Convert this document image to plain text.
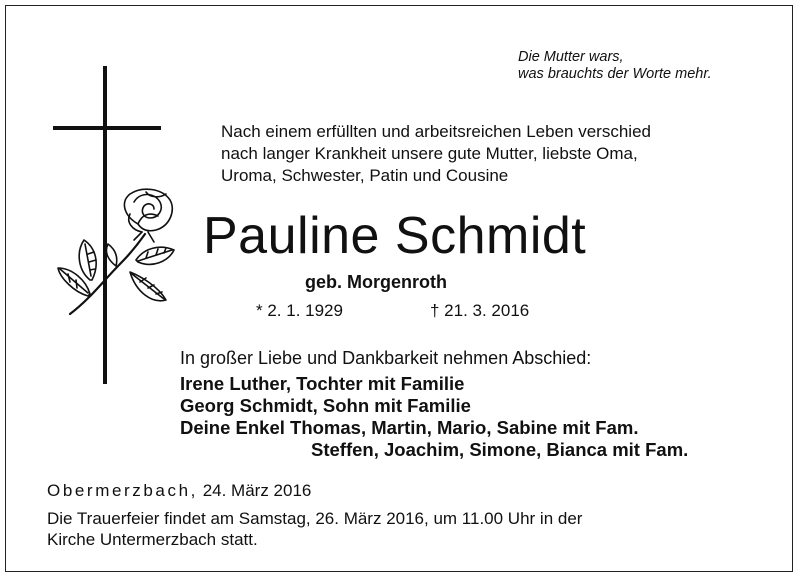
Die Mutter wars,
was brauchts der Worte mehr.
Nach einem erfüllten und arbeitsreichen Leben verschied
nach langer Krankheit unsere gute Mutter, liebste Oma,
Uroma, Schwester, Patin und Cousine
Pauline Schmidt
geb. Morgenroth
* 2. 1. 1929	† 21. 3. 2016
In großer Liebe und Dankbarkeit nehmen Abschied:
Irene Luther, Tochter mit Familie
Georg Schmidt, Sohn mit Familie
Deine Enkel Thomas, Martin, Mario, Sabine mit Fam.
Steffen, Joachim, Simone, Bianca mit Fam.
Obermerzbach, 24. März 2016
Die Trauerfeier findet am Samstag, 26. März 2016, um 11.00 Uhr in der
Kirche Untermerzbach statt.
